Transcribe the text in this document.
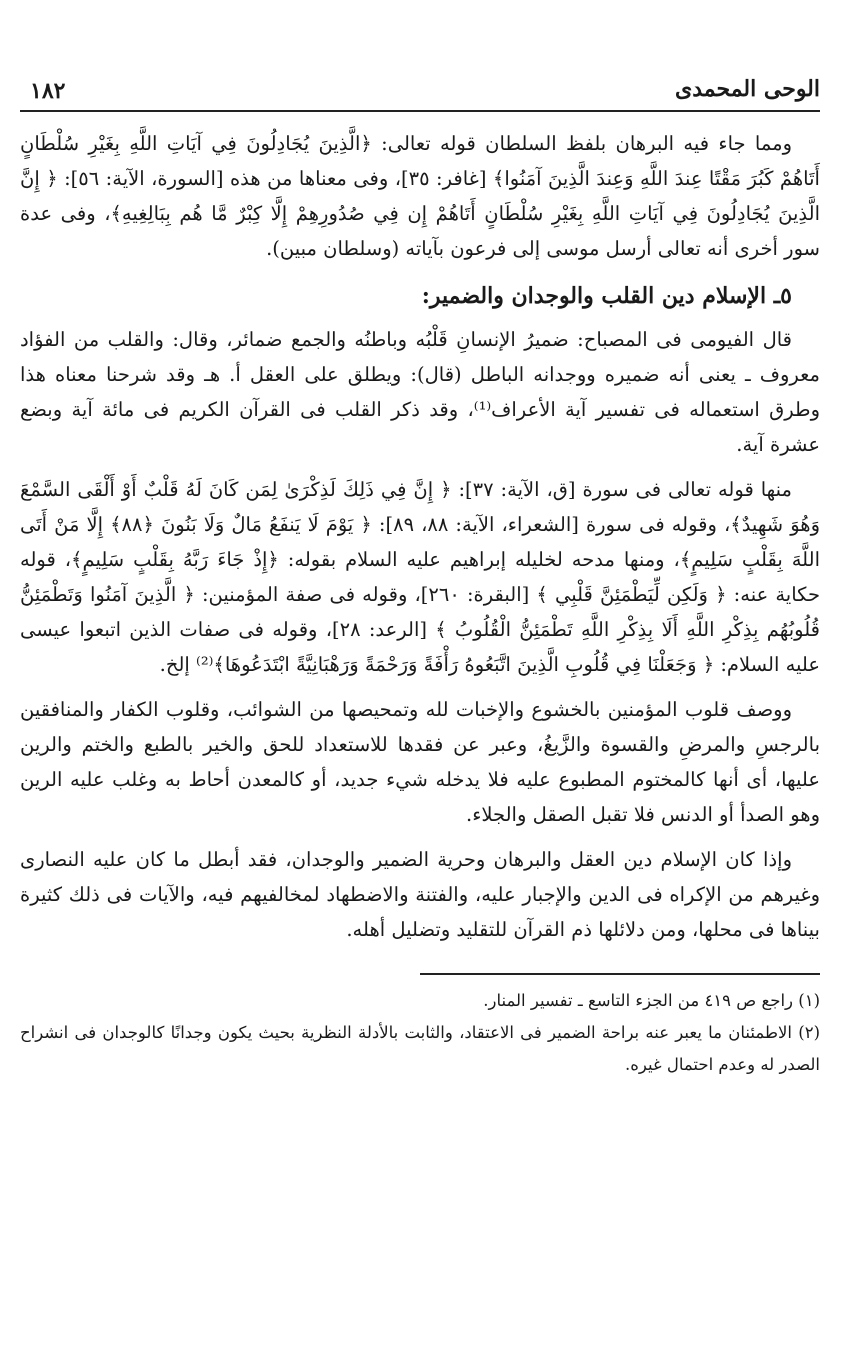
الوحى المحمدى
١٨٢

ومما جاء فيه البرهان بلفظ السلطان قوله تعالى: ﴿الَّذِينَ يُجَادِلُونَ فِي آيَاتِ اللَّهِ بِغَيْرِ سُلْطَانٍ أَتَاهُمْ كَبُرَ مَقْتًا عِندَ اللَّهِ وَعِندَ الَّذِينَ آمَنُوا﴾ [غافر: ٣٥]، وفى معناها من هذه [السورة، الآية: ٥٦]: ﴿ إِنَّ الَّذِينَ يُجَادِلُونَ فِي آيَاتِ اللَّهِ بِغَيْرِ سُلْطَانٍ أَتَاهُمْ إِن فِي صُدُورِهِمْ إِلَّا كِبْرٌ مَّا هُم بِبَالِغِيهِ﴾، وفى عدة سور أخرى أنه تعالى أرسل موسى إلى فرعون بآياته (وسلطان مبين).

٥ـ الإسلام دين القلب والوجدان والضمير:

قال الفيومى فى المصباح: ضميرُ الإنسانِ قَلْبُه وباطنُه والجمع ضمائر، وقال: والقلب من الفؤاد معروف ـ يعنى أنه ضميره ووجدانه الباطل (قال): ويطلق على العقل أ. هـ وقد شرحنا معناه هذا وطرق استعماله فى تفسير آية الأعراف⁽¹⁾، وقد ذكر القلب فى القرآن الكريم فى مائة آية وبضع عشرة آية.

منها قوله تعالى فى سورة [ق، الآية: ٣٧]: ﴿ إِنَّ فِي ذَلِكَ لَذِكْرَىٰ لِمَن كَانَ لَهُ قَلْبٌ أَوْ أَلْقَى السَّمْعَ وَهُوَ شَهِيدٌ﴾، وقوله فى سورة [الشعراء، الآية: ٨٨، ٨٩]: ﴿ يَوْمَ لَا يَنفَعُ مَالٌ وَلَا بَنُونَ ﴿٨٨﴾ إِلَّا مَنْ أَتَى اللَّهَ بِقَلْبٍ سَلِيمٍ﴾، ومنها مدحه لخليله إبراهيم عليه السلام بقوله: ﴿إِذْ جَاءَ رَبَّهُ بِقَلْبٍ سَلِيمٍ﴾، قوله حكاية عنه: ﴿ وَلَكِن لِّيَطْمَئِنَّ قَلْبِي ﴾ [البقرة: ٢٦٠]، وقوله فى صفة المؤمنين: ﴿ الَّذِينَ آمَنُوا وَتَطْمَئِنُّ قُلُوبُهُم بِذِكْرِ اللَّهِ أَلَا بِذِكْرِ اللَّهِ تَطْمَئِنُّ الْقُلُوبُ ﴾ [الرعد: ٢٨]، وقوله فى صفات الذين اتبعوا عيسى عليه السلام: ﴿ وَجَعَلْنَا فِي قُلُوبِ الَّذِينَ اتَّبَعُوهُ رَأْفَةً وَرَحْمَةً وَرَهْبَانِيَّةً ابْتَدَعُوهَا﴾⁽²⁾ إلخ.

ووصف قلوب المؤمنين بالخشوع والإخبات لله وتمحيصها من الشوائب، وقلوب الكفار والمنافقين بالرجسِ والمرضِ والقسوة والزَّيغُ، وعبر عن فقدها للاستعداد للحق والخير بالطبع والختم والرين عليها، أى أنها كالمختوم المطبوع عليه فلا يدخله شيء جديد، أو كالمعدن أحاط به وغلب عليه الرين وهو الصدأ أو الدنس فلا تقبل الصقل والجلاء.

وإذا كان الإسلام دين العقل والبرهان وحرية الضمير والوجدان، فقد أبطل ما كان عليه النصارى وغيرهم من الإكراه فى الدين والإجبار عليه، والفتنة والاضطهاد لمخالفيهم فيه، والآيات فى ذلك كثيرة بيناها فى محلها، ومن دلائلها ذم القرآن للتقليد وتضليل أهله.

(١) راجع ص ٤١٩ من الجزء التاسع ـ تفسير المنار.

(٢) الاطمئنان ما يعبر عنه براحة الضمير فى الاعتقاد، والثابت بالأدلة النظرية بحيث يكون وجدانًا كالوجدان فى انشراح الصدر له وعدم احتمال غيره.
